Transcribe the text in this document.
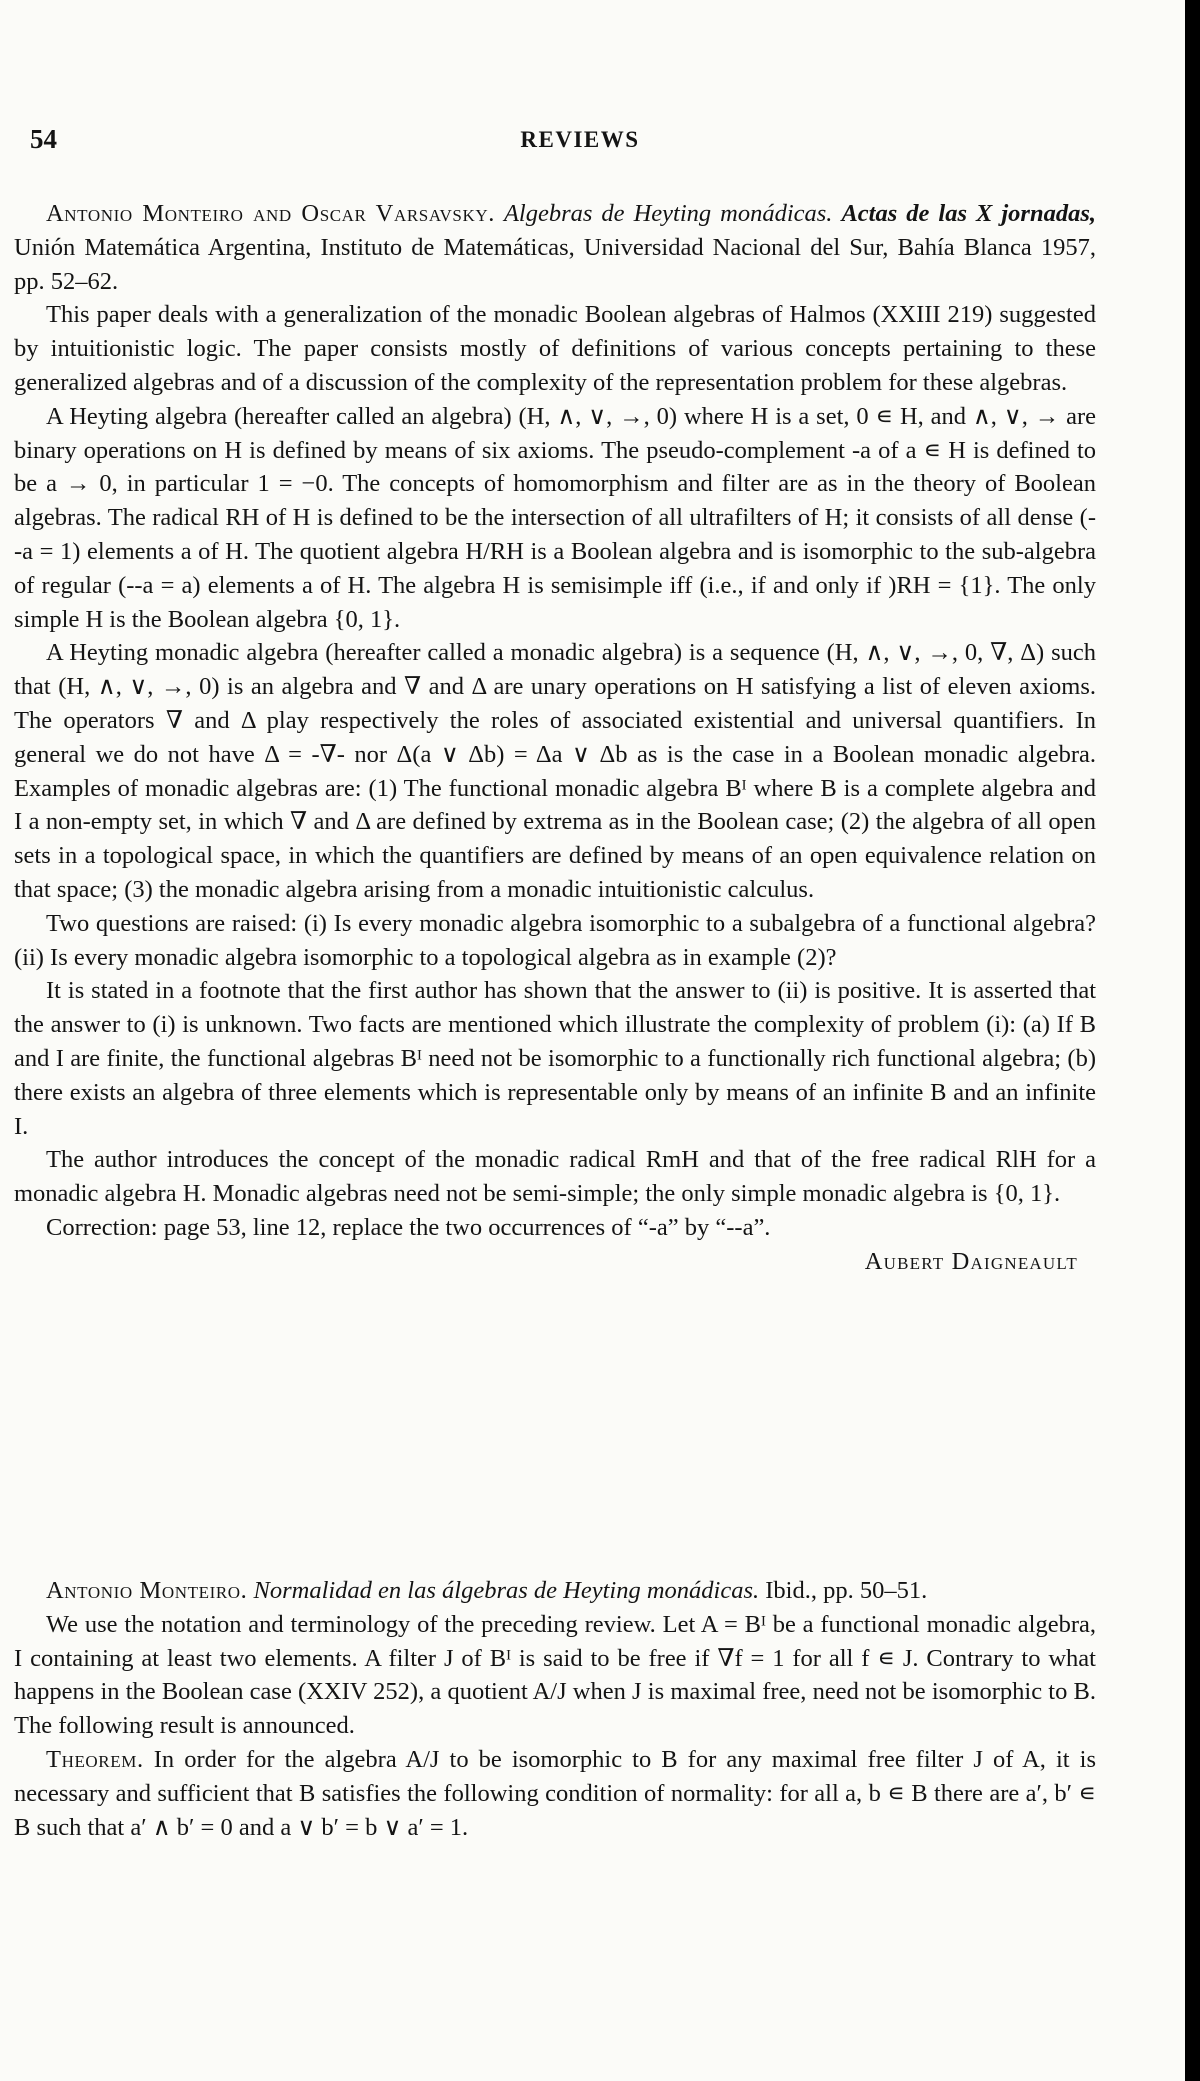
54	REVIEWS

Antonio Monteiro and Oscar Varsavsky. Algebras de Heyting monádicas. Actas de las X jornadas, Unión Matemática Argentina, Instituto de Matemáticas, Universidad Nacional del Sur, Bahía Blanca 1957, pp. 52–62.

This paper deals with a generalization of the monadic Boolean algebras of Halmos (XXIII 219) suggested by intuitionistic logic. The paper consists mostly of definitions of various concepts pertaining to these generalized algebras and of a discussion of the complexity of the representation problem for these algebras.

A Heyting algebra (hereafter called an algebra) (H, ∧, ∨, →, 0) where H is a set, 0 ∊ H, and ∧, ∨, → are binary operations on H is defined by means of six axioms. The pseudo-complement -a of a ∊ H is defined to be a → 0, in particular 1 = −0. The concepts of homomorphism and filter are as in the theory of Boolean algebras. The radical RH of H is defined to be the intersection of all ultrafilters of H; it consists of all dense (--a = 1) elements a of H. The quotient algebra H/RH is a Boolean algebra and is isomorphic to the sub-algebra of regular (--a = a) elements a of H. The algebra H is semisimple iff (i.e., if and only if )RH = {1}. The only simple H is the Boolean algebra {0, 1}.

A Heyting monadic algebra (hereafter called a monadic algebra) is a sequence (H, ∧, ∨, →, 0, ∇, Δ) such that (H, ∧, ∨, →, 0) is an algebra and ∇ and Δ are unary operations on H satisfying a list of eleven axioms. The operators ∇ and Δ play respectively the roles of associated existential and universal quantifiers. In general we do not have Δ = -∇- nor Δ(a ∨ Δb) = Δa ∨ Δb as is the case in a Boolean monadic algebra. Examples of monadic algebras are: (1) The functional monadic algebra Bᴵ where B is a complete algebra and I a non-empty set, in which ∇ and Δ are defined by extrema as in the Boolean case; (2) the algebra of all open sets in a topological space, in which the quantifiers are defined by means of an open equivalence relation on that space; (3) the monadic algebra arising from a monadic intuitionistic calculus.

Two questions are raised: (i) Is every monadic algebra isomorphic to a subalgebra of a functional algebra? (ii) Is every monadic algebra isomorphic to a topological algebra as in example (2)?

It is stated in a footnote that the first author has shown that the answer to (ii) is positive. It is asserted that the answer to (i) is unknown. Two facts are mentioned which illustrate the complexity of problem (i): (a) If B and I are finite, the functional algebras Bᴵ need not be isomorphic to a functionally rich functional algebra; (b) there exists an algebra of three elements which is representable only by means of an infinite B and an infinite I.

The author introduces the concept of the monadic radical RmH and that of the free radical RlH for a monadic algebra H. Monadic algebras need not be semi-simple; the only simple monadic algebra is {0, 1}.

Correction: page 53, line 12, replace the two occurrences of “-a” by “--a”.

Aubert Daigneault

Antonio Monteiro. Normalidad en las álgebras de Heyting monádicas. Ibid., pp. 50–51.

We use the notation and terminology of the preceding review. Let A = Bᴵ be a functional monadic algebra, I containing at least two elements. A filter J of Bᴵ is said to be free if ∇f = 1 for all f ∊ J. Contrary to what happens in the Boolean case (XXIV 252), a quotient A/J when J is maximal free, need not be isomorphic to B. The following result is announced.

Theorem. In order for the algebra A/J to be isomorphic to B for any maximal free filter J of A, it is necessary and sufficient that B satisfies the following condition of normality: for all a, b ∊ B there are a′, b′ ∊ B such that a′ ∧ b′ = 0 and a ∨ b′ = b ∨ a′ = 1.
